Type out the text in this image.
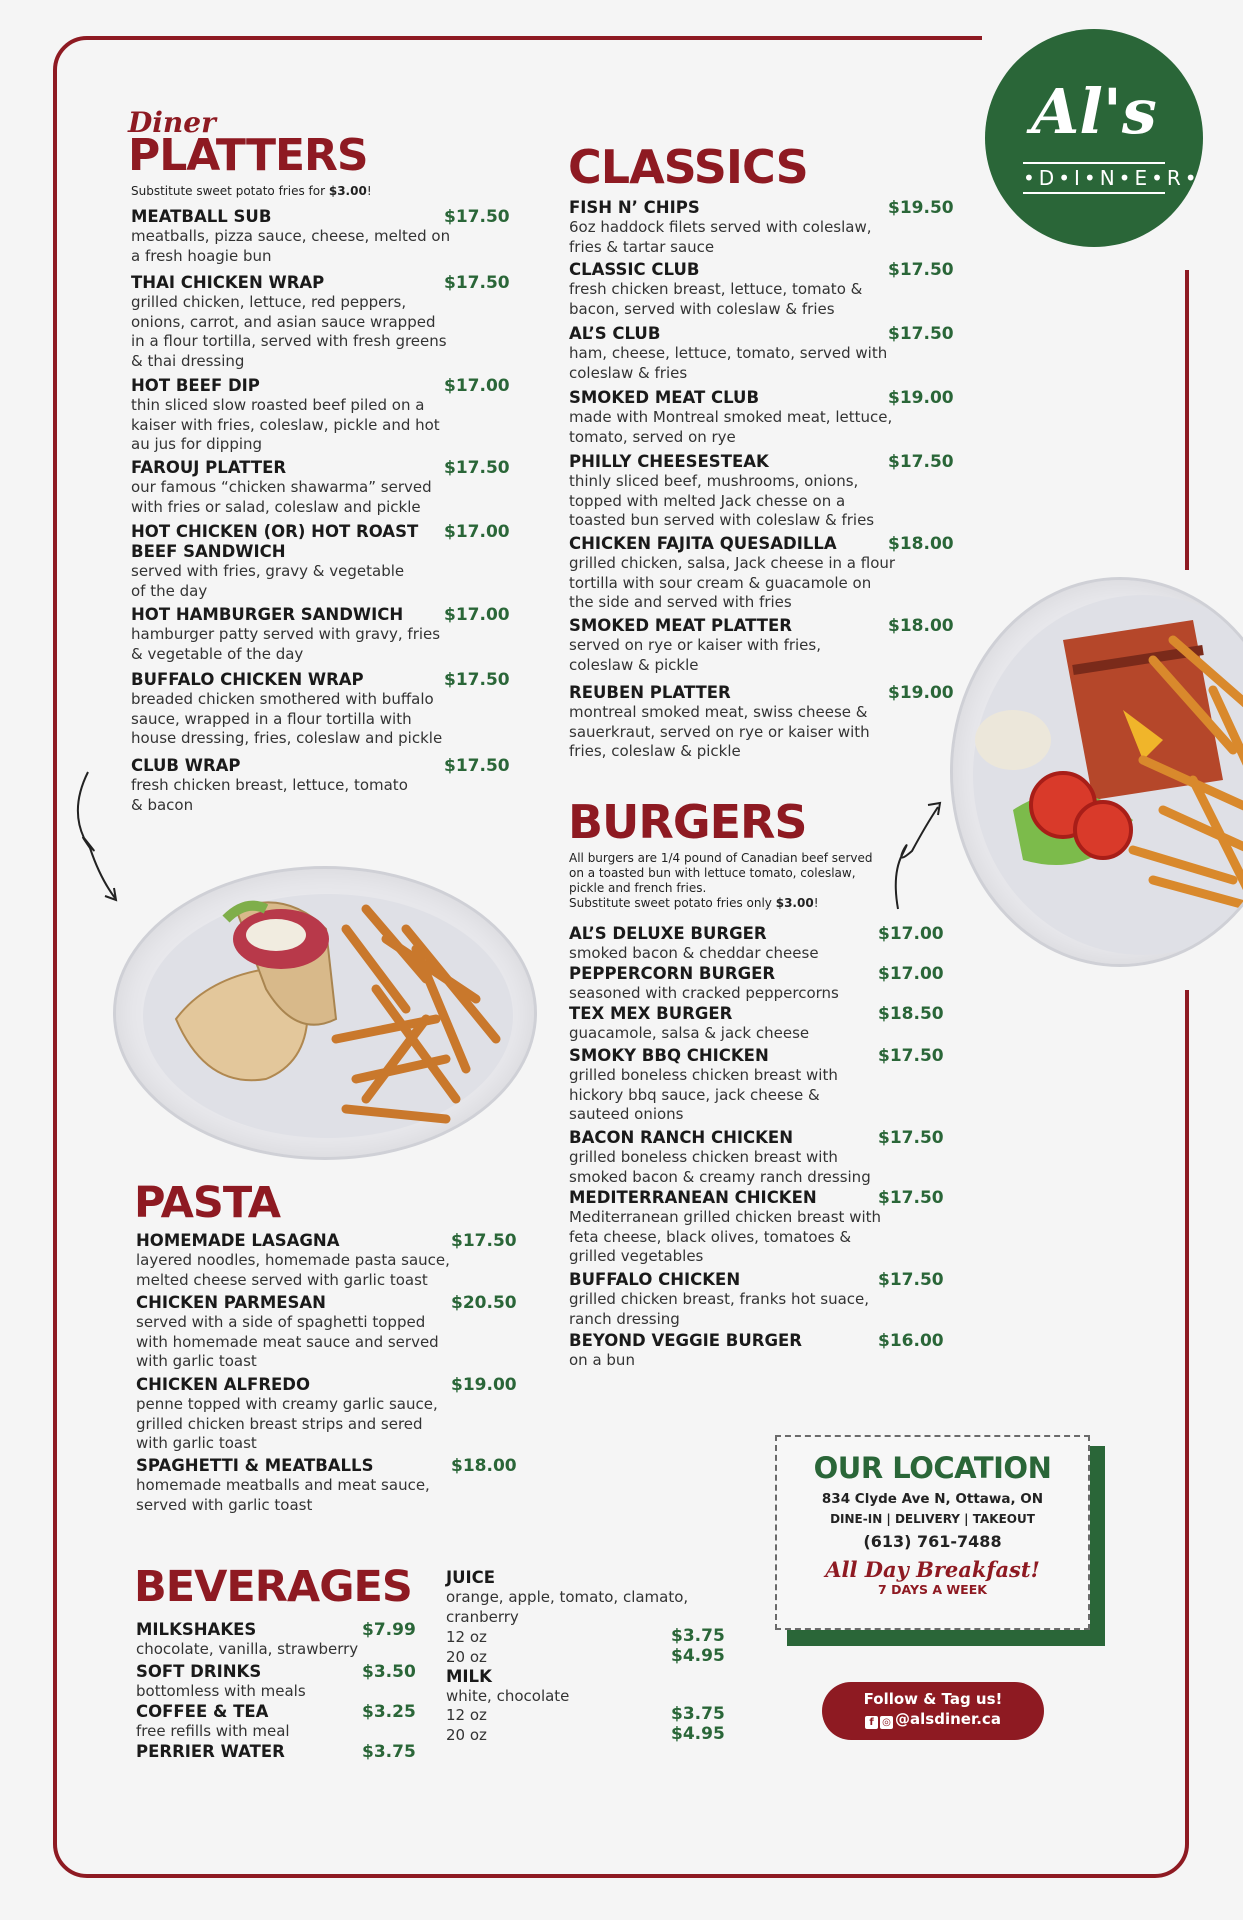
Al's
•D•I•N•E•R•
Diner
PLATTERS
Substitute sweet potato fries for $3.00!
MEATBALL SUB
meatballs, pizza sauce, cheese, melted on
a fresh hoagie bun
$17.50
THAI CHICKEN WRAP
grilled chicken, lettuce, red peppers,
onions, carrot, and asian sauce wrapped
in a flour tortilla, served with fresh greens
& thai dressing
$17.50
HOT BEEF DIP
thin sliced slow roasted beef piled on a
kaiser with fries, coleslaw, pickle and hot
au jus for dipping
$17.00
FAROUJ PLATTER
our famous “chicken shawarma” served
with fries or salad, coleslaw and pickle
$17.50
HOT CHICKEN (OR) HOT ROAST
BEEF SANDWICH
served with fries, gravy & vegetable
of the day
$17.00
HOT HAMBURGER SANDWICH
hamburger patty served with gravy, fries
& vegetable of the day
$17.00
BUFFALO CHICKEN WRAP
breaded chicken smothered with buffalo
sauce, wrapped in a flour tortilla with
house dressing, fries, coleslaw and pickle
$17.50
CLUB WRAP
fresh chicken breast, lettuce, tomato
& bacon
$17.50
CLASSICS
FISH N’ CHIPS
6oz haddock filets served with coleslaw,
fries & tartar sauce
$19.50
CLASSIC CLUB
fresh chicken breast, lettuce, tomato &
bacon, served with coleslaw & fries
$17.50
AL’S CLUB
ham, cheese, lettuce, tomato, served with
coleslaw & fries
$17.50
SMOKED MEAT CLUB
made with Montreal smoked meat, lettuce,
tomato, served on rye
$19.00
PHILLY CHEESESTEAK
thinly sliced beef, mushrooms, onions,
topped with melted Jack chesse on a
toasted bun served with coleslaw & fries
$17.50
CHICKEN FAJITA QUESADILLA
grilled chicken, salsa, Jack cheese in a flour
tortilla with sour cream & guacamole on
the side and served with fries
$18.00
SMOKED MEAT PLATTER
served on rye or kaiser with fries,
coleslaw & pickle
$18.00
REUBEN PLATTER
montreal smoked meat, swiss cheese &
sauerkraut, served on rye or kaiser with
fries, coleslaw & pickle
$19.00
BURGERS
All burgers are 1/4 pound of Canadian beef served
on a toasted bun with lettuce tomato, coleslaw,
pickle and french fries.
Substitute sweet potato fries only $3.00!
AL’S DELUXE BURGER
smoked bacon & cheddar cheese
$17.00
PEPPERCORN BURGER
seasoned with cracked peppercorns
$17.00
TEX MEX BURGER
guacamole, salsa & jack cheese
$18.50
SMOKY BBQ CHICKEN
grilled boneless chicken breast with
hickory bbq sauce, jack cheese &
sauteed onions
$17.50
BACON RANCH CHICKEN
grilled boneless chicken breast with
smoked bacon & creamy ranch dressing
$17.50
MEDITERRANEAN CHICKEN
Mediterranean grilled chicken breast with
feta cheese, black olives, tomatoes &
grilled vegetables
$17.50
BUFFALO CHICKEN
grilled chicken breast, franks hot suace,
ranch dressing
$17.50
BEYOND VEGGIE BURGER
on a bun
$16.00
PASTA
HOMEMADE LASAGNA
layered noodles, homemade pasta sauce,
melted cheese served with garlic toast
$17.50
CHICKEN PARMESAN
served with a side of spaghetti topped
with homemade meat sauce and served
with garlic toast
$20.50
CHICKEN ALFREDO
penne topped with creamy garlic sauce,
grilled chicken breast strips and sered
with garlic toast
$19.00
SPAGHETTI & MEATBALLS
homemade meatballs and meat sauce,
served with garlic toast
$18.00
BEVERAGES
MILKSHAKES
chocolate, vanilla, strawberry
$7.99
SOFT DRINKS
bottomless with meals
$3.50
COFFEE & TEA
free refills with meal
$3.25
PERRIER WATER	$3.75
JUICE
orange, apple, tomato, clamato,
cranberry
12 oz	$3.75
20 oz	$4.95
MILK
white, chocolate
12 oz	$3.75
20 oz	$4.95
OUR LOCATION
834 Clyde Ave N, Ottawa, ON
DINE-IN | DELIVERY | TAKEOUT
(613) 761-7488
All Day Breakfast!
7 DAYS A WEEK
Follow & Tag us!
f ◎ @alsdiner.ca
